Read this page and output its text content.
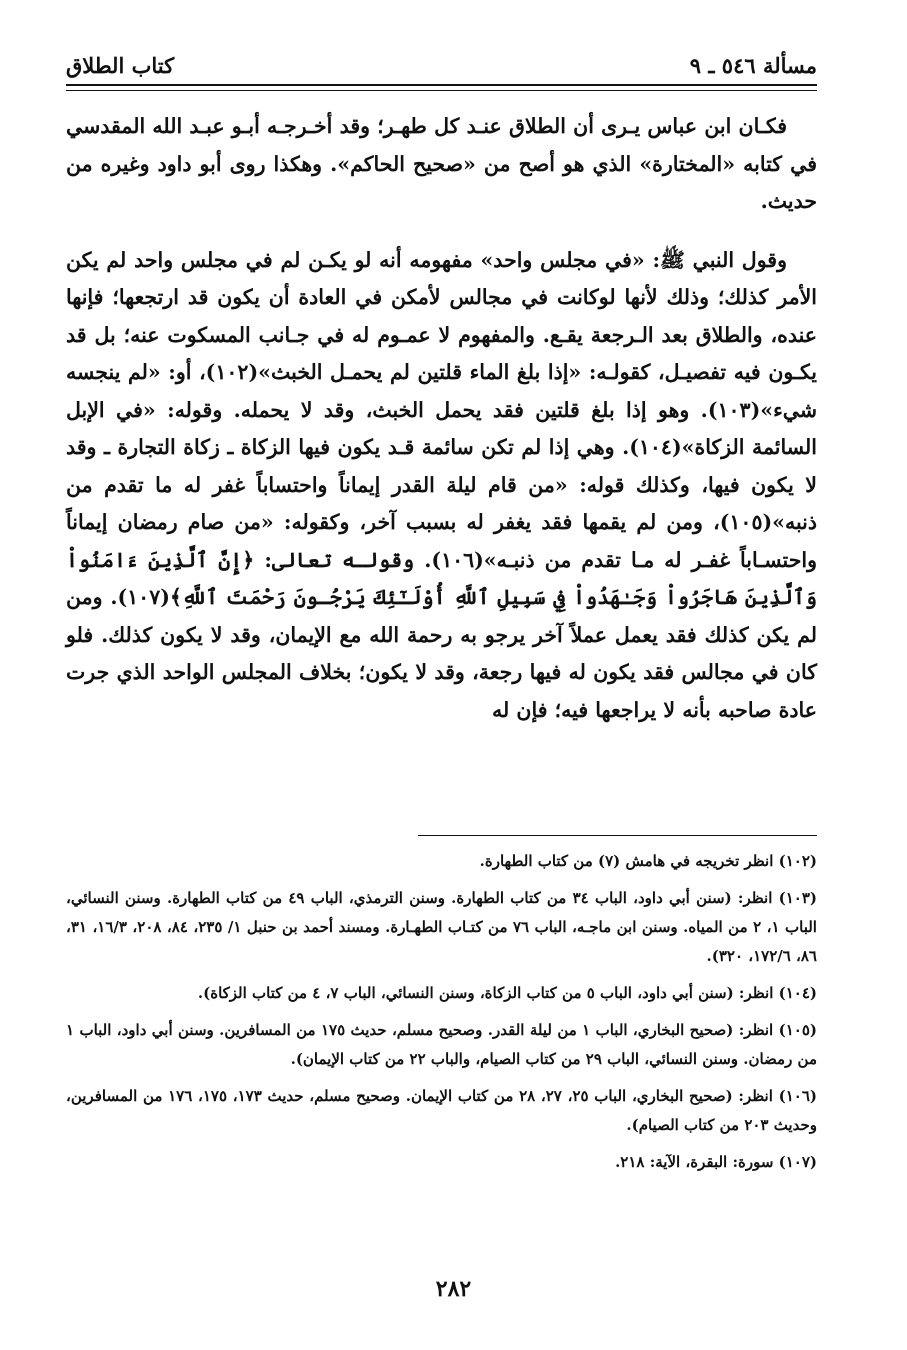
مسألة ٥٤٦ ـ ٩
كتاب الطلاق

فكـان ابن عباس يـرى أن الطلاق عنـد كل طهـر؛ وقد أخـرجـه أبـو عبـد الله المقدسي في كتابه «المختارة» الذي هو أصح من «صحيح الحاكم». وهكذا روى أبو داود وغيره من حديث.

وقول النبي ﷺ: «في مجلس واحد» مفهومه أنه لو يكـن لم في مجلس واحد لم يكن الأمر كذلك؛ وذلك لأنها لوكانت في مجالس لأمكن في العادة أن يكون قد ارتجعها؛ فإنها عنده، والطلاق بعد الـرجعة يقـع. والمفهوم لا عمـوم له في جـانب المسكوت عنه؛ بل قد يكـون فيه تفصيـل، كقولـه: «إذا بلغ الماء قلتين لم يحمـل الخبث»(١٠٢)، أو: «لم ينجسه شيء»(١٠٣). وهو إذا بلغ قلتين فقد يحمل الخبث، وقد لا يحمله. وقوله: «في الإبل السائمة الزكاة»(١٠٤). وهي إذا لم تكن سائمة قـد يكون فيها الزكاة ـ زكاة التجارة ـ وقد لا يكون فيها، وكذلك قوله: «من قام ليلة القدر إيماناً واحتساباً غفر له ما تقدم من ذنبه»(١٠٥)، ومن لم يقمها فقد يغفر له بسبب آخر، وكقوله: «من صام رمضان إيماناً واحتسـاباً غفـر له مـا تقدم من ذنبـه»(١٠٦). وقولـه تعالى: ﴿إِنَّ ٱلَّذِينَ ءَامَنُواْ وَٱلَّذِينَ هَاجَرُواْ وَجَـٰهَدُواْ فِي سَبِيلِ ٱللَّهِ أُوْلَـٰٓئِكَ يَرْجُـونَ رَحْمَتَ ٱللَّهِ﴾(١٠٧). ومن لم يكن كذلك فقد يعمل عملاً آخر يرجو به رحمة الله مع الإيمان، وقد لا يكون كذلك. فلو كان في مجالس فقد يكون له فيها رجعة، وقد لا يكون؛ بخلاف المجلس الواحد الذي جرت عادة صاحبه بأنه لا يراجعها فيه؛ فإن له

(١٠٢) انظر تخريجه في هامش (٧) من كتاب الطهارة.

(١٠٣) انظر: (سنن أبي داود، الباب ٣٤ من كتاب الطهارة. وسنن الترمذي، الباب ٤٩ من كتاب الطهارة. وسنن النسائي، الباب ١، ٢ من المياه. وسنن ابن ماجـه، الباب ٧٦ من كتـاب الطهـارة. ومسند أحمد بن حنبل ١/ ٢٣٥، ٨٤، ٢٠٨، ١٦/٣، ٣١، ٨٦، ١٧٢/٦، ٣٢٠).

(١٠٤) انظر: (سنن أبي داود، الباب ٥ من كتاب الزكاة، وسنن النسائي، الباب ٧، ٤ من كتاب الزكاة).

(١٠٥) انظر: (صحيح البخاري، الباب ١ من ليلة القدر. وصحيح مسلم، حديث ١٧٥ من المسافرين. وسنن أبي داود، الباب ١ من رمضان. وسنن النسائي، الباب ٢٩ من كتاب الصيام، والباب ٢٢ من كتاب الإيمان).

(١٠٦) انظر: (صحيح البخاري، الباب ٢٥، ٢٧، ٢٨ من كتاب الإيمان. وصحيح مسلم، حديث ١٧٣، ١٧٥، ١٧٦ من المسافرين، وحديث ٢٠٣ من كتاب الصيام).

(١٠٧) سورة: البقرة، الآية: ٢١٨.

٢٨٢
